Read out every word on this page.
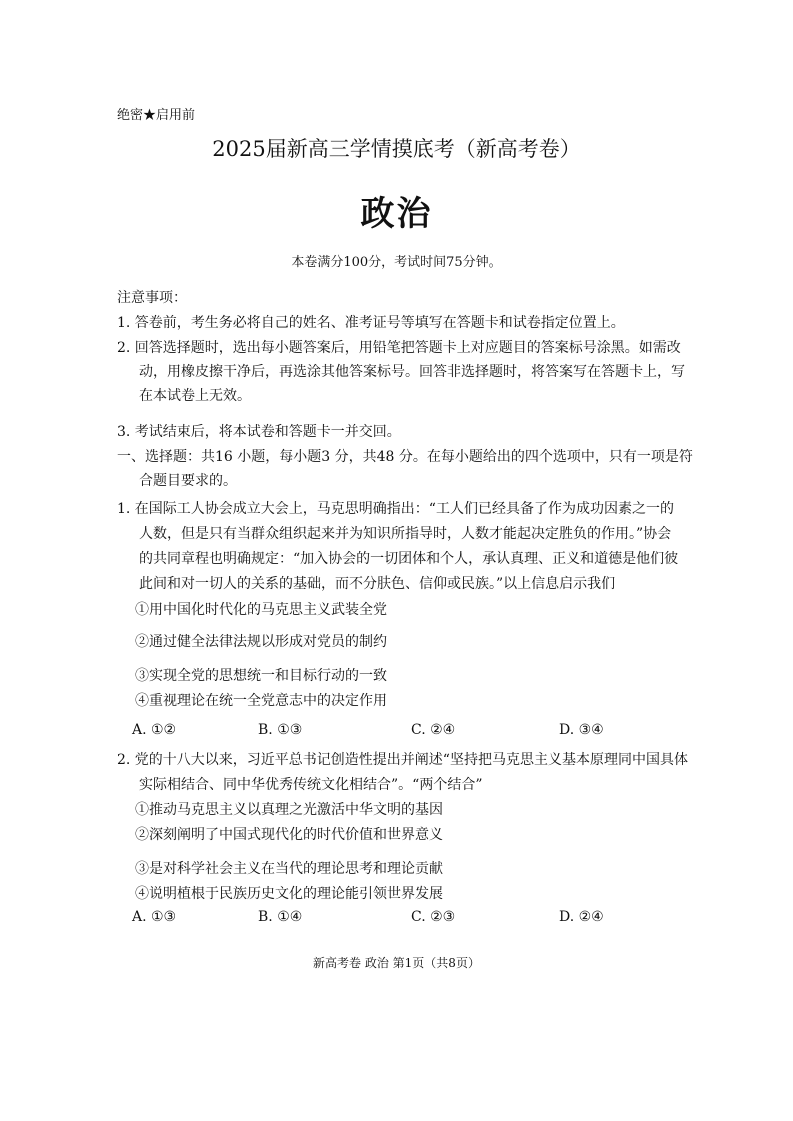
绝密★启用前
2025届新高三学情摸底考（新高考卷）
政治
本卷满分100分，考试时间75分钟。
注意事项：
1. 答卷前，考生务必将自己的姓名、准考证号等填写在答题卡和试卷指定位置上。
2. 回答选择题时，选出每小题答案后，用铅笔把答题卡上对应题目的答案标号涂黑。如需改
动，用橡皮擦干净后，再选涂其他答案标号。回答非选择题时，将答案写在答题卡上，写
在本试卷上无效。
3. 考试结束后，将本试卷和答题卡一并交回。
一、选择题：共16 小题，每小题3 分，共48 分。在每小题给出的四个选项中，只有一项是符
合题目要求的。
1. 在国际工人协会成立大会上，马克思明确指出：“工人们已经具备了作为成功因素之一的
人数，但是只有当群众组织起来并为知识所指导时，人数才能起决定胜负的作用。”协会
的共同章程也明确规定：“加入协会的一切团体和个人，承认真理、正义和道德是他们彼
此间和对一切人的关系的基础，而不分肤色、信仰或民族。”以上信息启示我们
①用中国化时代化的马克思主义武装全党
②通过健全法律法规以形成对党员的制约
③实现全党的思想统一和目标行动的一致
④重视理论在统一全党意志中的决定作用
A. ①②	B. ①③	C. ②④	D. ③④
2. 党的十八大以来，习近平总书记创造性提出并阐述“坚持把马克思主义基本原理同中国具体
实际相结合、同中华优秀传统文化相结合”。“两个结合”
①推动马克思主义以真理之光激活中华文明的基因
②深刻阐明了中国式现代化的时代价值和世界意义
③是对科学社会主义在当代的理论思考和理论贡献
④说明植根于民族历史文化的理论能引领世界发展
A. ①③	B. ①④	C. ②③	D. ②④
新高考卷 政治 第1页（共8页）
